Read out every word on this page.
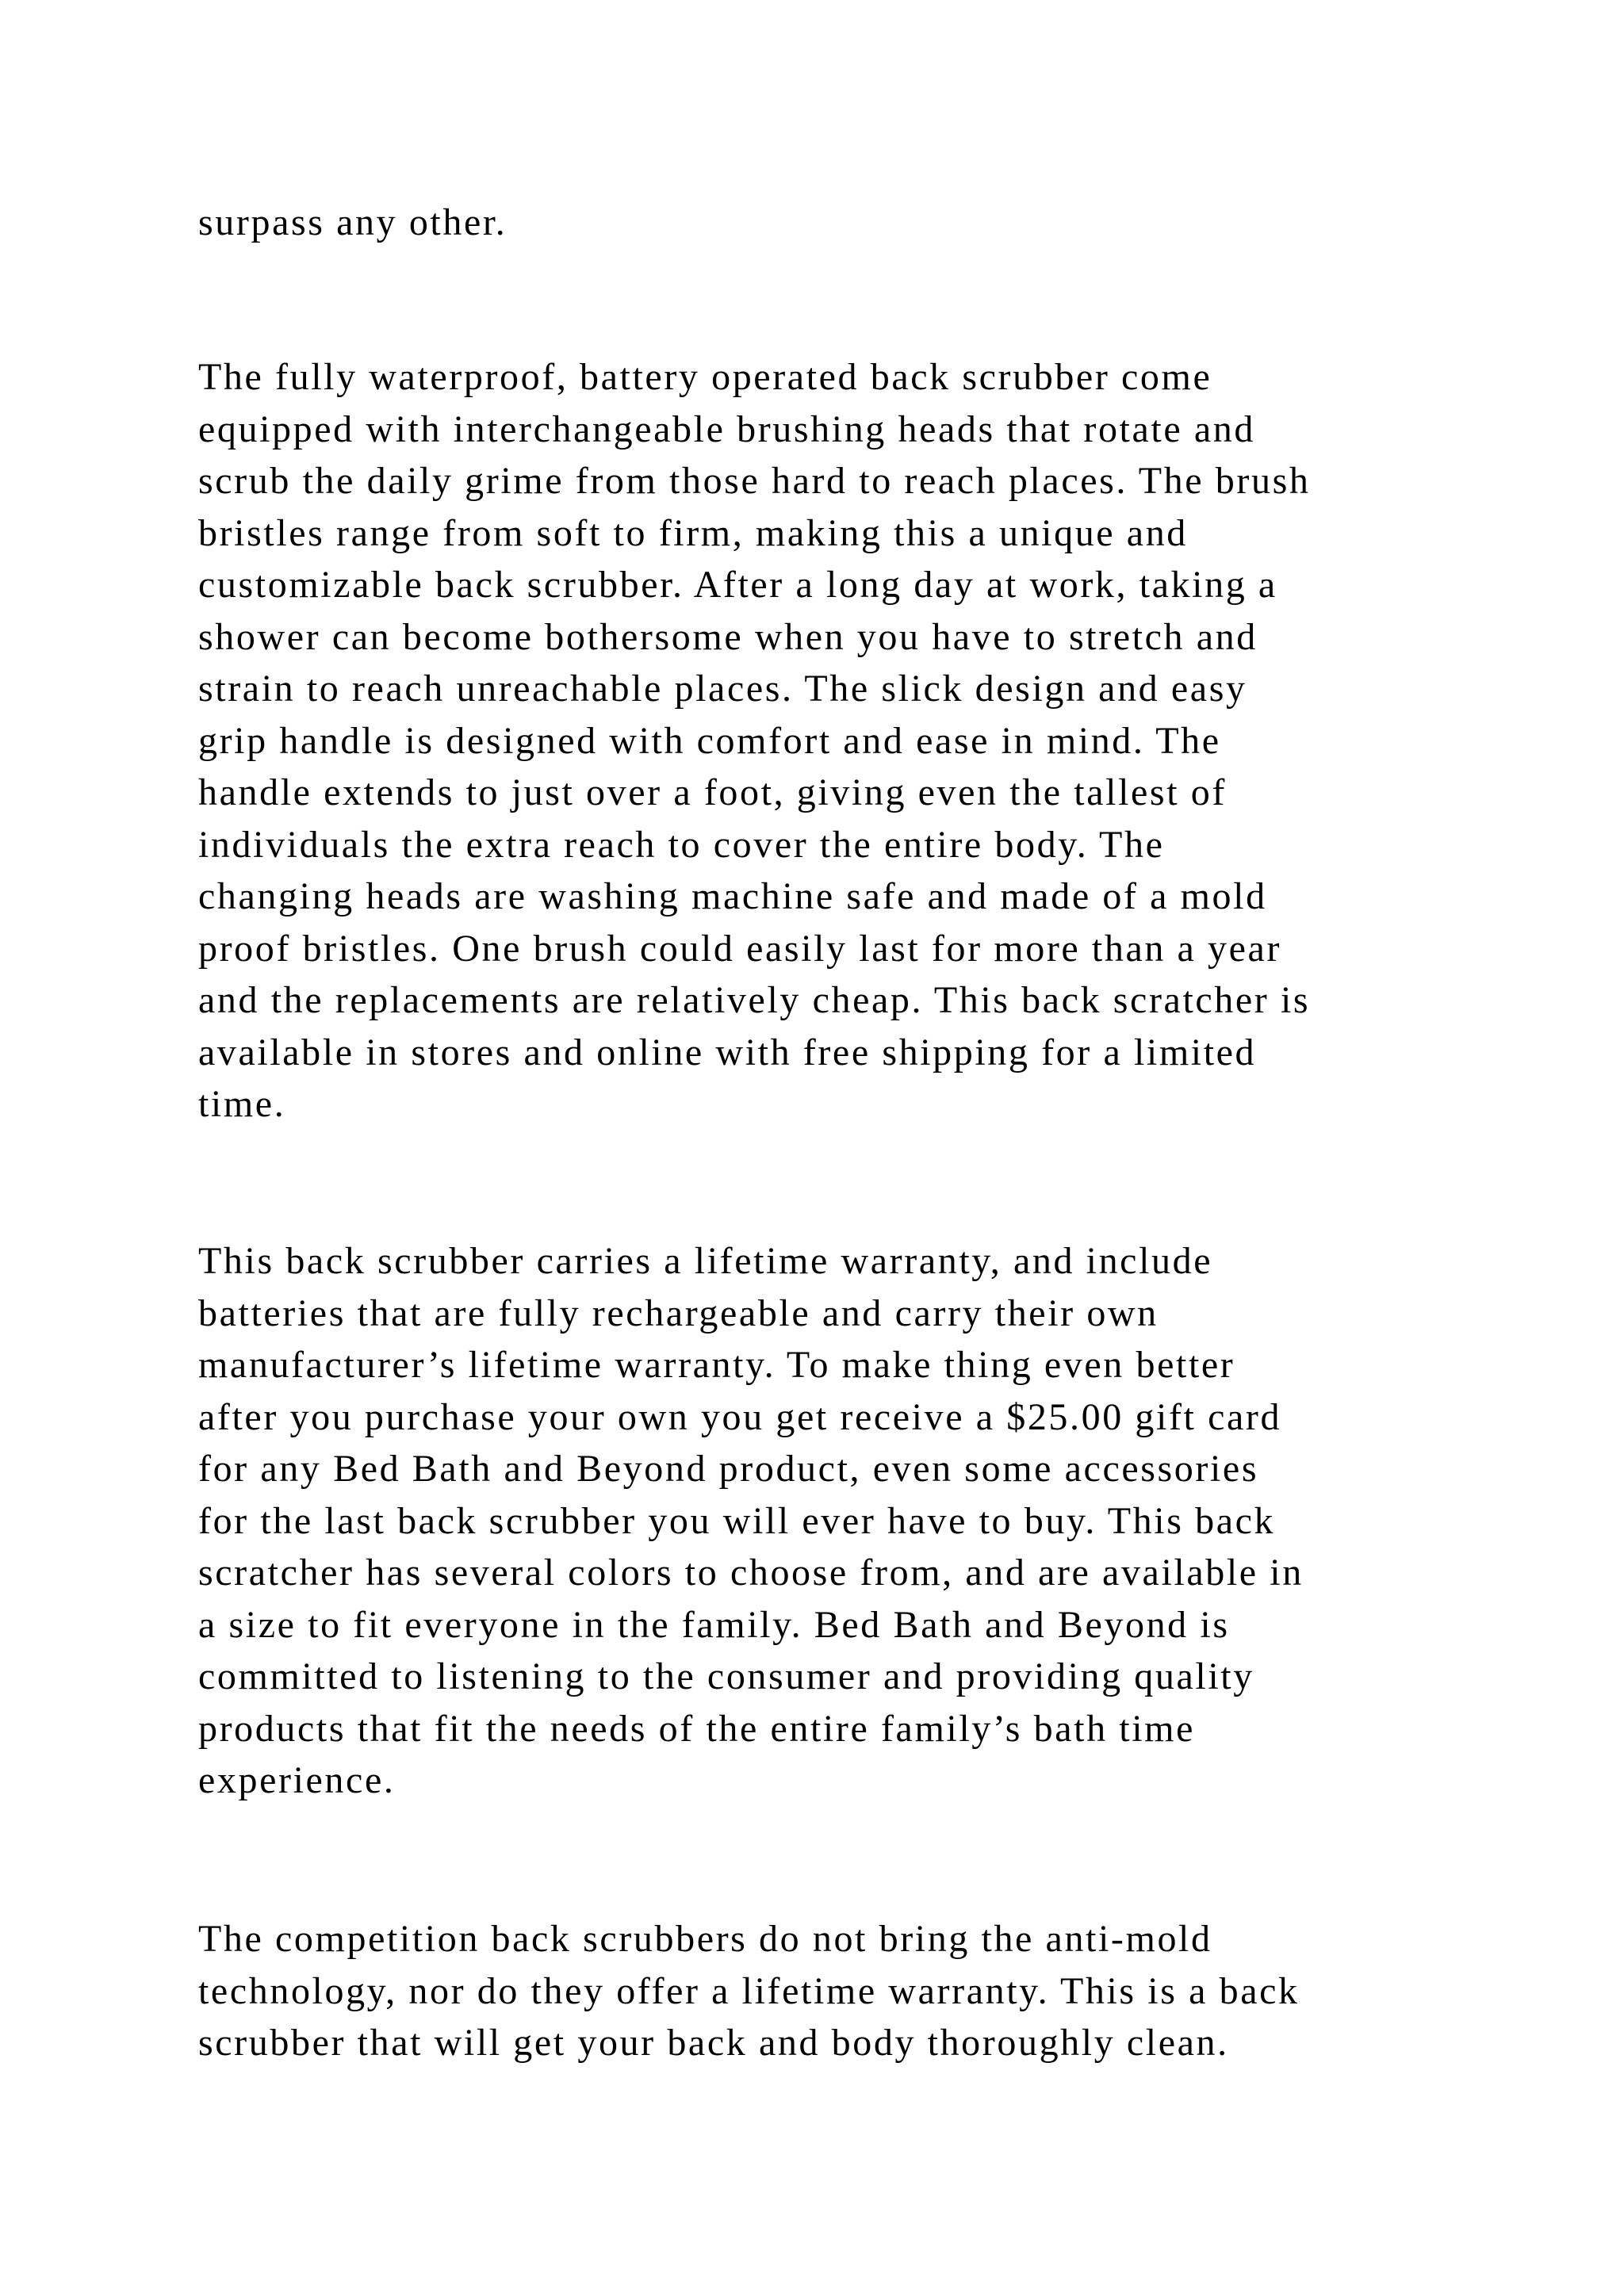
surpass any other.
The fully waterproof, battery operated back scrubber come
equipped with interchangeable brushing heads that rotate and
scrub the daily grime from those hard to reach places. The brush
bristles range from soft to firm, making this a unique and
customizable back scrubber. After a long day at work, taking a
shower can become bothersome when you have to stretch and
strain to reach unreachable places. The slick design and easy
grip handle is designed with comfort and ease in mind. The
handle extends to just over a foot, giving even the tallest of
individuals the extra reach to cover the entire body. The
changing heads are washing machine safe and made of a mold
proof bristles. One brush could easily last for more than a year
and the replacements are relatively cheap. This back scratcher is
available in stores and online with free shipping for a limited
time.
This back scrubber carries a lifetime warranty, and include
batteries that are fully rechargeable and carry their own
manufacturer’s lifetime warranty. To make thing even better
after you purchase your own you get receive a $25.00 gift card
for any Bed Bath and Beyond product, even some accessories
for the last back scrubber you will ever have to buy. This back
scratcher has several colors to choose from, and are available in
a size to fit everyone in the family. Bed Bath and Beyond is
committed to listening to the consumer and providing quality
products that fit the needs of the entire family’s bath time
experience.
The competition back scrubbers do not bring the anti-mold
technology, nor do they offer a lifetime warranty. This is a back
scrubber that will get your back and body thoroughly clean.
